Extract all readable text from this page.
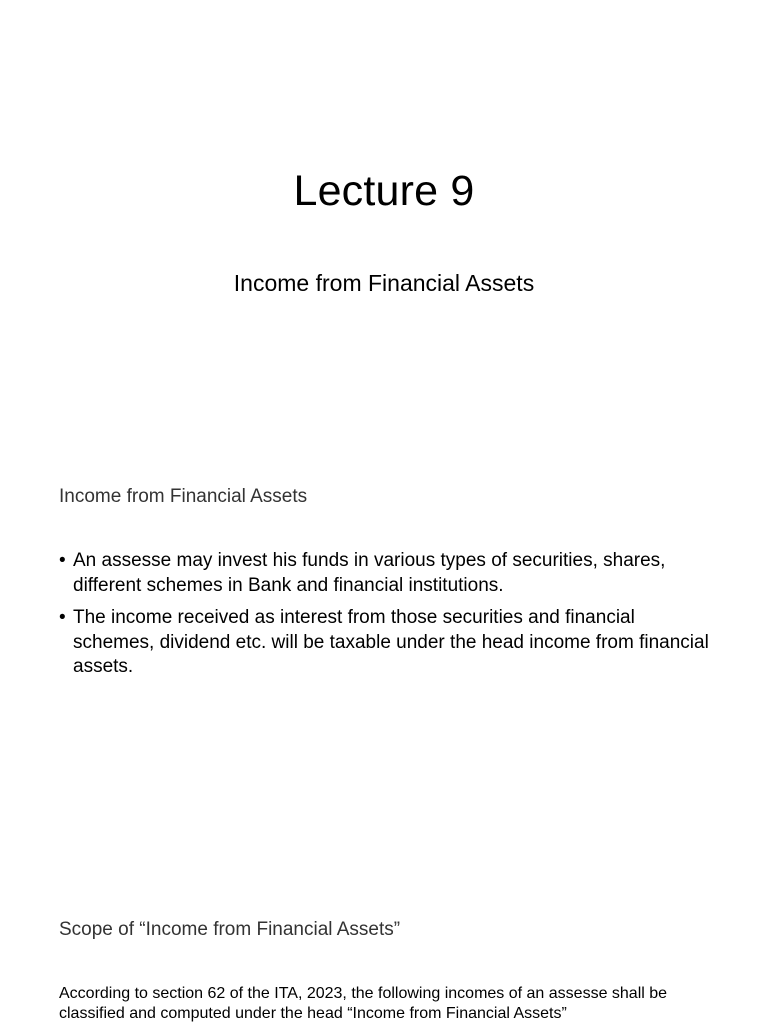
Lecture 9
Income from Financial Assets
Income from Financial Assets
• An assesse may invest his funds in various types of securities, shares, different schemes in Bank and financial institutions.
• The income received as interest from those securities and financial schemes, dividend etc. will be taxable under the head income from financial assets.
Scope of “Income from Financial Assets”
According to section 62 of the ITA, 2023, the following incomes of an assesse shall be classified and computed under the head “Income from Financial Assets”
